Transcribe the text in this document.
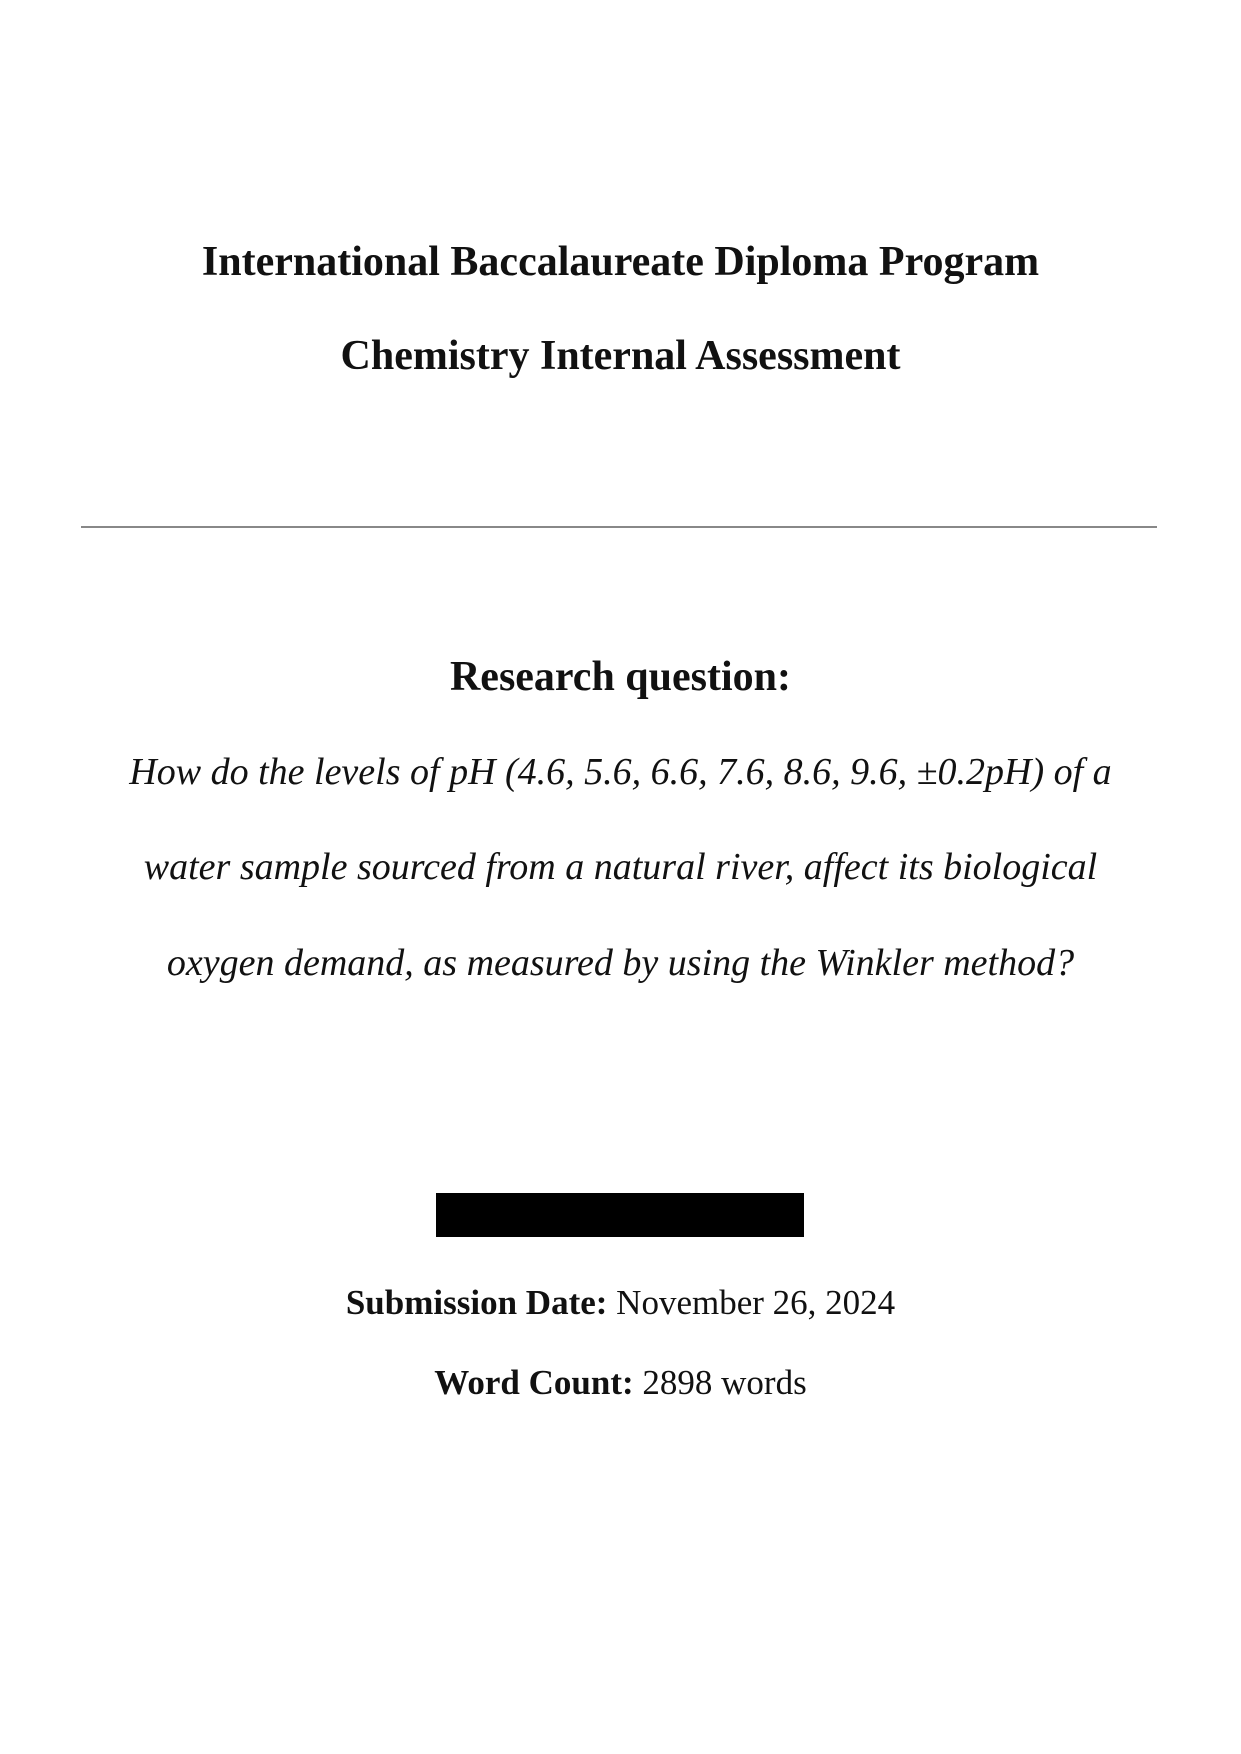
International Baccalaureate Diploma Program
Chemistry Internal Assessment
Research question:

How do the levels of pH (4.6, 5.6, 6.6, 7.6, 8.6, 9.6, ±0.2pH) of a

water sample sourced from a natural river, affect its biological

oxygen demand, as measured by using the Winkler method?

Submission Date: November 26, 2024

Word Count: 2898 words
